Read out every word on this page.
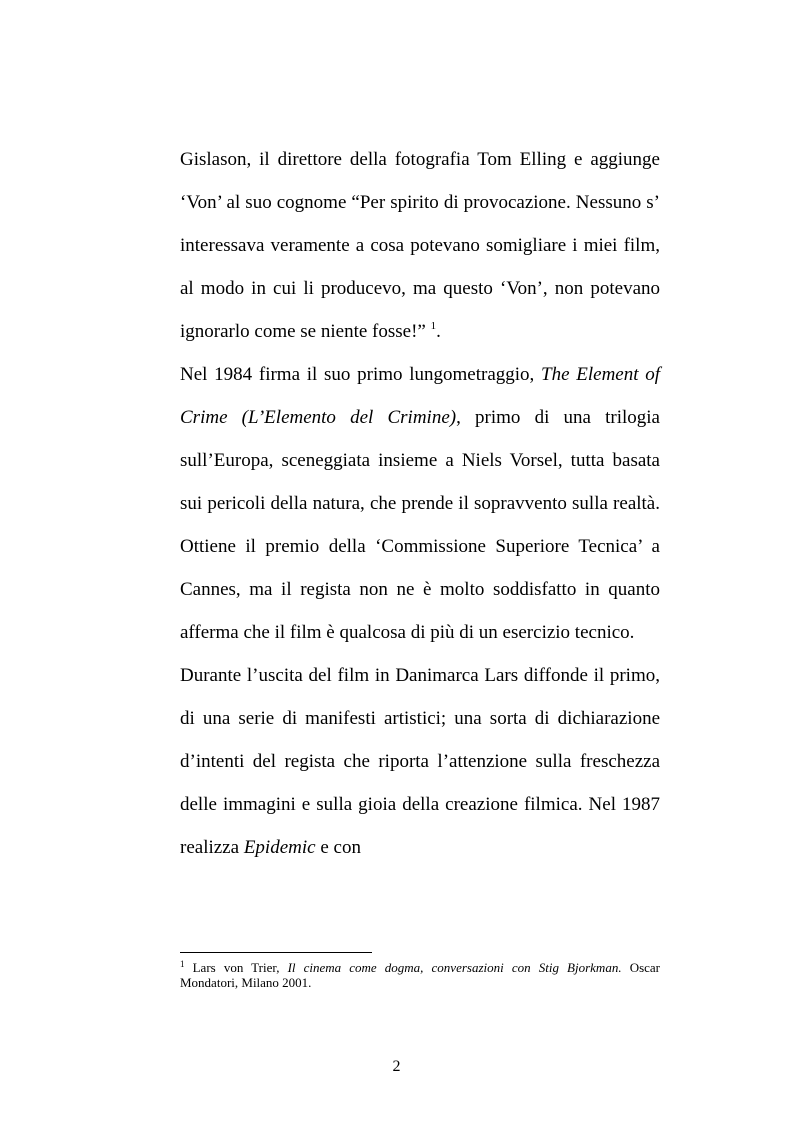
Gislason, il direttore della fotografia Tom Elling e aggiunge ‘Von’ al suo cognome “Per spirito di provocazione. Nessuno s’ interessava veramente a cosa potevano somigliare i miei film, al modo in cui li producevo, ma questo ‘Von’, non potevano ignorarlo come se niente fosse!” $^1$.

Nel 1984 firma il suo primo lungometraggio, The Element of Crime (L’Elemento del Crimine), primo di una trilogia sull’Europa, sceneggiata insieme a Niels Vorsel, tutta basata sui pericoli della natura, che prende il sopravvento sulla realtà. Ottiene il premio della ‘Commissione Superiore Tecnica’ a Cannes, ma il regista non ne è molto soddisfatto in quanto afferma che il film è qualcosa di più di un esercizio tecnico.

Durante l’uscita del film in Danimarca Lars diffonde il primo, di una serie di manifesti artistici; una sorta di dichiarazione d’intenti del regista che riporta l’attenzione sulla freschezza delle immagini e sulla gioia della creazione filmica. Nel 1987 realizza Epidemic e con

$^1$ Lars von Trier, Il cinema come dogma, conversazioni con Stig Bjorkman. Oscar Mondatori, Milano 2001.
2
